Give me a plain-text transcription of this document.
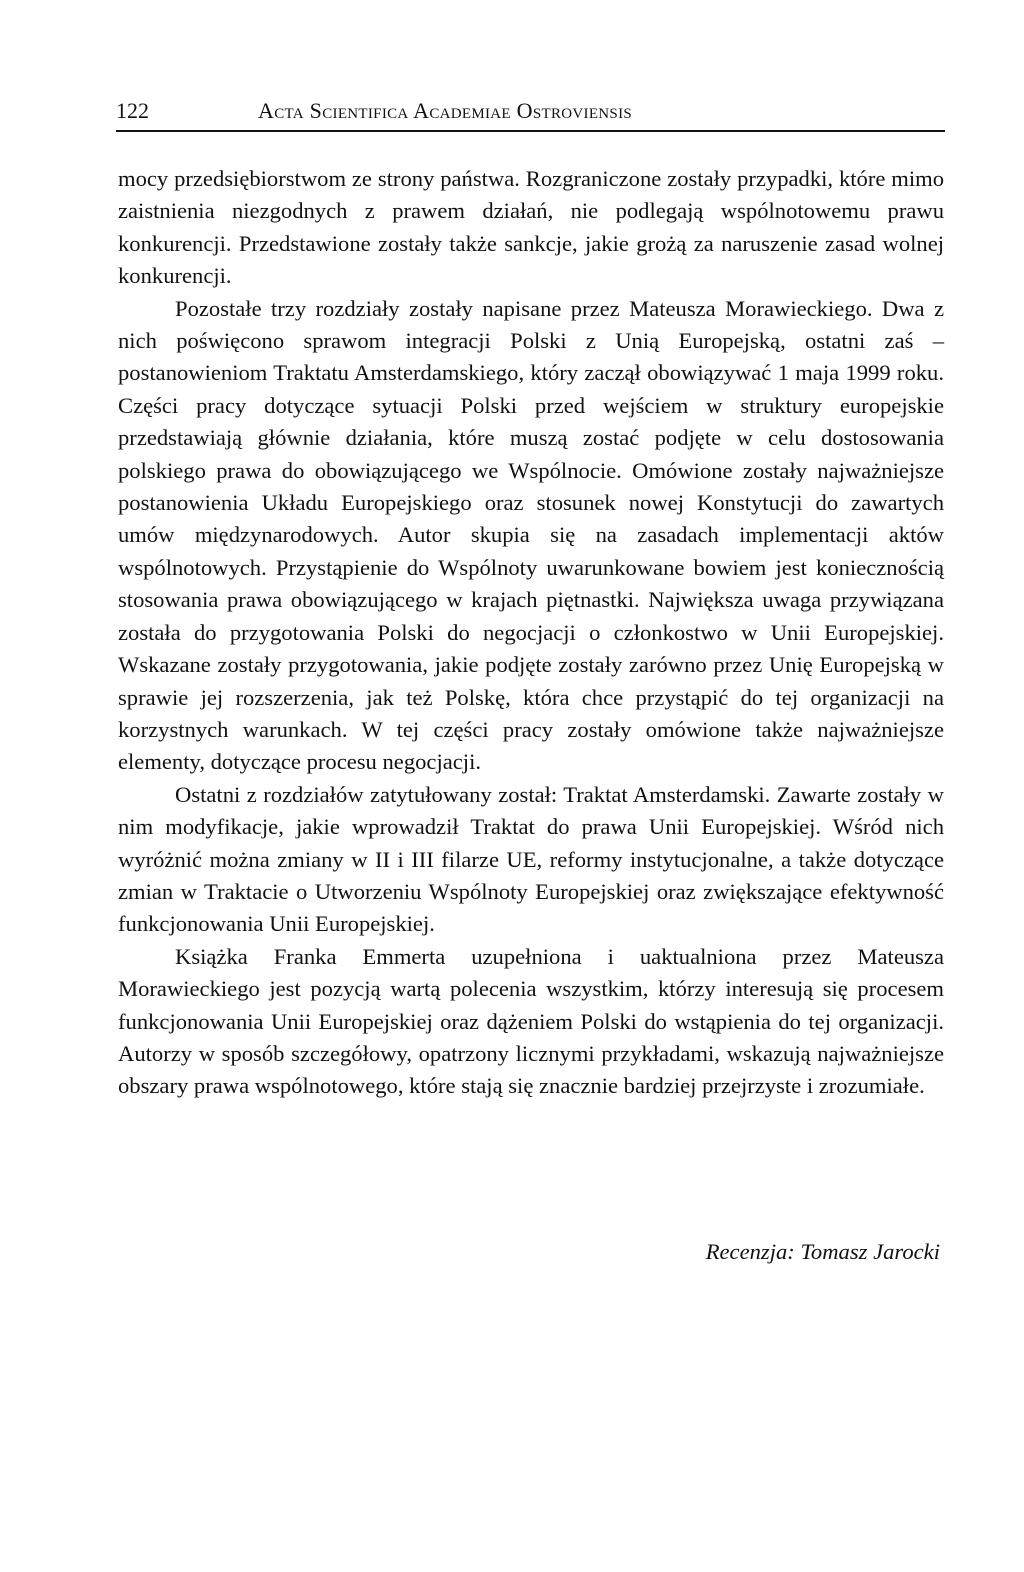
122	Acta Scientifica Academiae Ostroviensis

mocy przedsiębiorstwom ze strony państwa. Rozgraniczone zostały przypadki, które mimo zaistnienia niezgodnych z prawem działań, nie podlegają wspólnotowemu prawu konkurencji. Przedstawione zostały także sankcje, jakie grożą za naruszenie zasad wolnej konkurencji.

Pozostałe trzy rozdziały zostały napisane przez Mateusza Morawieckiego. Dwa z nich poświęcono sprawom integracji Polski z Unią Europejską, ostatni zaś – postanowieniom Traktatu Amsterdamskiego, który zaczął obowiązywać 1 maja 1999 roku. Części pracy dotyczące sytuacji Polski przed wejściem w struktury europejskie przedstawiają głównie działania, które muszą zostać podjęte w celu dostosowania polskiego prawa do obowiązującego we Wspólnocie. Omówione zostały najważniejsze postanowienia Układu Europejskiego oraz stosunek nowej Konstytucji do zawartych umów międzynarodowych. Autor skupia się na zasadach implementacji aktów wspólnotowych. Przystąpienie do Wspólnoty uwarunkowane bowiem jest koniecznością stosowania prawa obowiązującego w krajach piętnastki. Największa uwaga przywiązana została do przygotowania Polski do negocjacji o członkostwo w Unii Europejskiej. Wskazane zostały przygotowania, jakie podjęte zostały zarówno przez Unię Europejską w sprawie jej rozszerzenia, jak też Polskę, która chce przystąpić do tej organizacji na korzystnych warunkach. W tej części pracy zostały omówione także najważniejsze elementy, dotyczące procesu negocjacji.

Ostatni z rozdziałów zatytułowany został: Traktat Amsterdamski. Zawarte zostały w nim modyfikacje, jakie wprowadził Traktat do prawa Unii Europejskiej. Wśród nich wyróżnić można zmiany w II i III filarze UE, reformy instytucjonalne, a także dotyczące zmian w Traktacie o Utworzeniu Wspólnoty Europejskiej oraz zwiększające efektywność funkcjonowania Unii Europejskiej.

Książka Franka Emmerta uzupełniona i uaktualniona przez Mateusza Morawieckiego jest pozycją wartą polecenia wszystkim, którzy interesują się procesem funkcjonowania Unii Europejskiej oraz dążeniem Polski do wstąpienia do tej organizacji. Autorzy w sposób szczegółowy, opatrzony licznymi przykładami, wskazują najważniejsze obszary prawa wspólnotowego, które stają się znacznie bardziej przejrzyste i zrozumiałe.

Recenzja: Tomasz Jarocki
